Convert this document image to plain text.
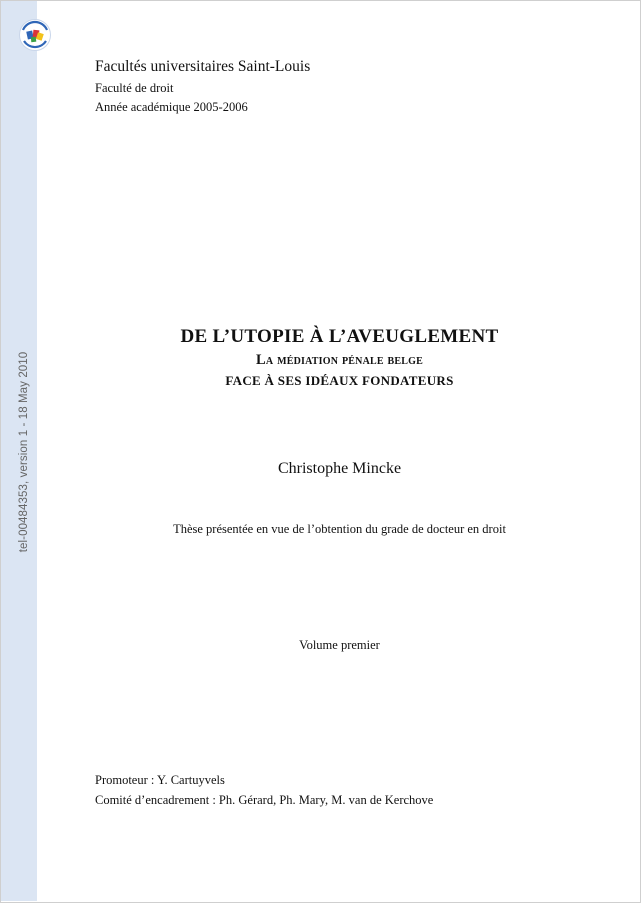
tel-00484353, version 1 - 18 May 2010
Facultés universitaires Saint-Louis
Faculté de droit
Année académique 2005-2006
DE L’UTOPIE À L’AVEUGLEMENT
La médiation pénale belge
FACE À SES IDÉAUX FONDATEURS
Christophe Mincke
Thèse présentée en vue de l’obtention du grade de docteur en droit
Volume premier
Promoteur : Y. Cartuyvels
Comité d’encadrement : Ph. Gérard, Ph. Mary, M. van de Kerchove
